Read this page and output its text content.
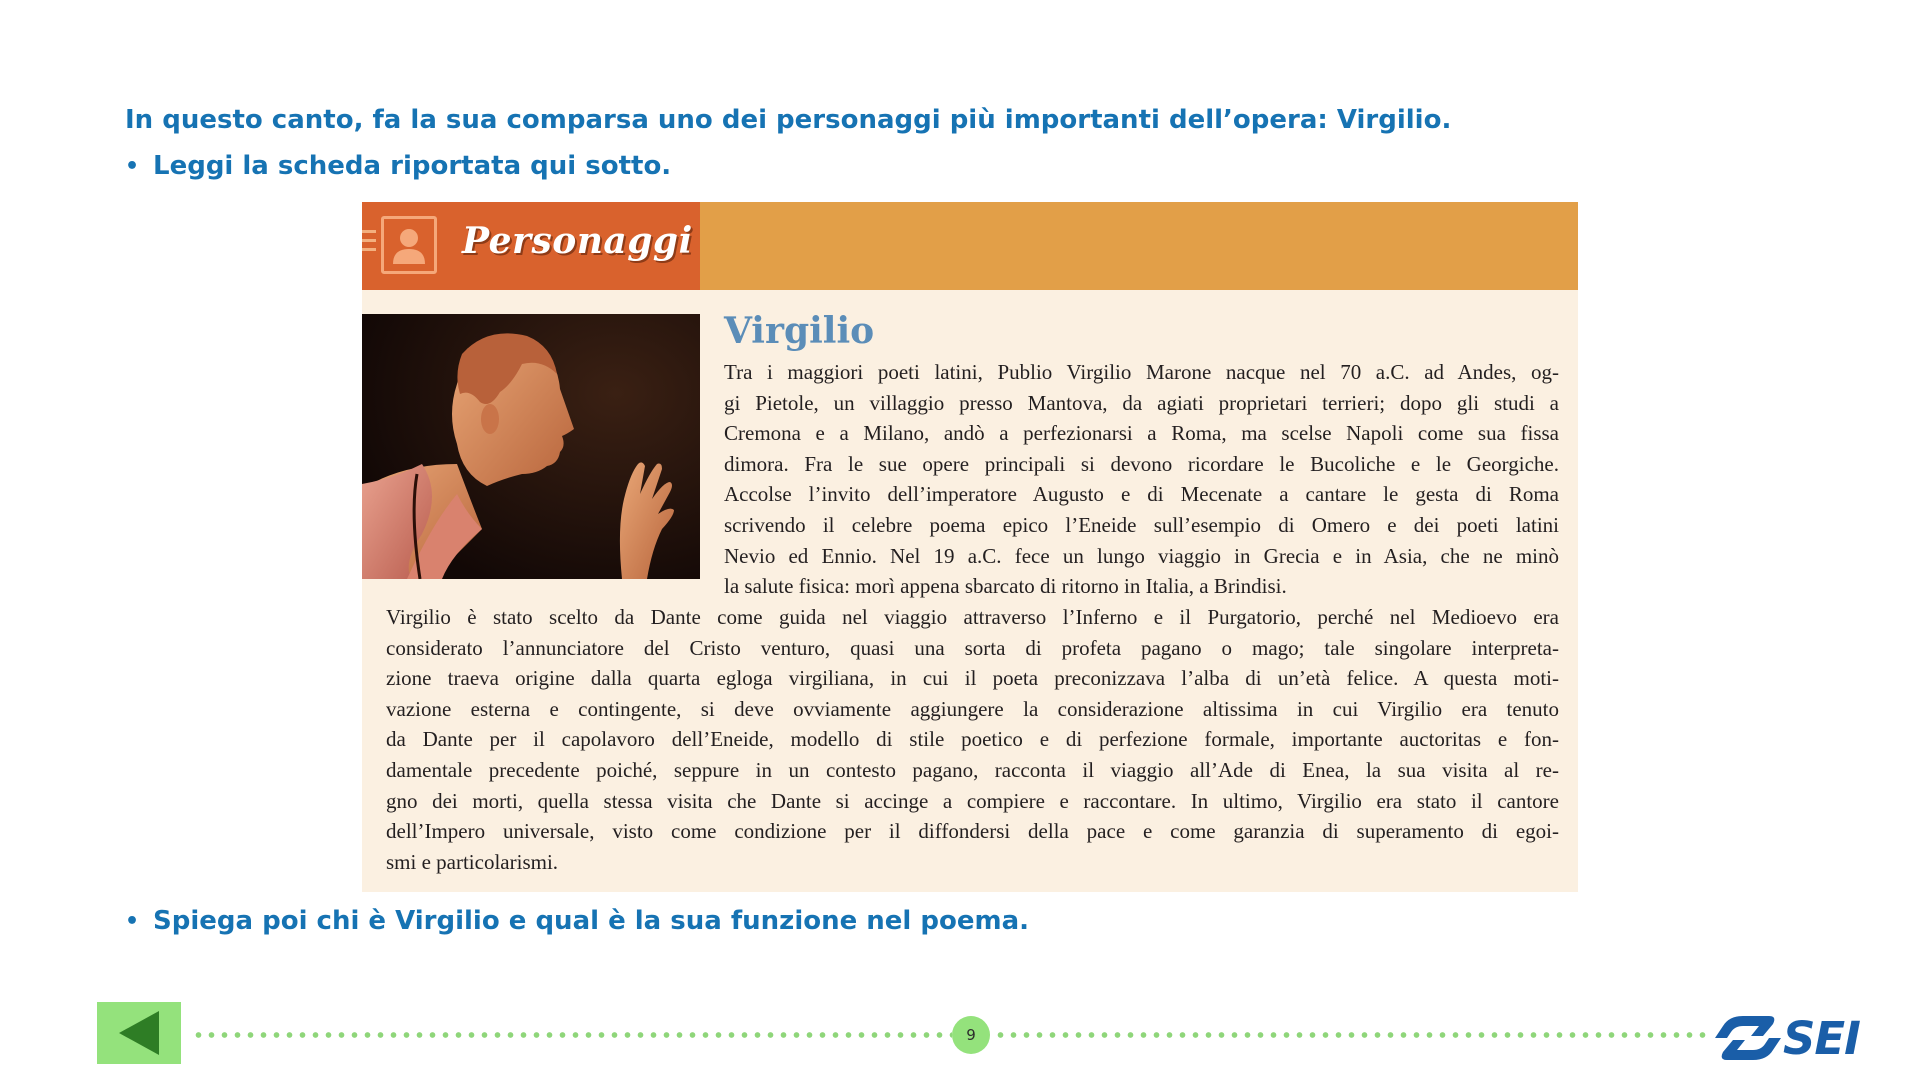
In questo canto, fa la sua comparsa uno dei personaggi più importanti dell’opera: Virgilio.
• Leggi la scheda riportata qui sotto.
Personaggi
Virgilio
Tra i maggiori poeti latini, Publio Virgilio Marone nacque nel 70 a.C. ad Andes, og-
gi Pietole, un villaggio presso Mantova, da agiati proprietari terrieri; dopo gli studi a
Cremona e a Milano, andò a perfezionarsi a Roma, ma scelse Napoli come sua fissa
dimora. Fra le sue opere principali si devono ricordare le Bucoliche e le Georgiche.
Accolse l’invito dell’imperatore Augusto e di Mecenate a cantare le gesta di Roma
scrivendo il celebre poema epico l’Eneide sull’esempio di Omero e dei poeti latini
Nevio ed Ennio. Nel 19 a.C. fece un lungo viaggio in Grecia e in Asia, che ne minò
la salute fisica: morì appena sbarcato di ritorno in Italia, a Brindisi.
Virgilio è stato scelto da Dante come guida nel viaggio attraverso l’Inferno e il Purgatorio, perché nel Medioevo era
considerato l’annunciatore del Cristo venturo, quasi una sorta di profeta pagano o mago; tale singolare interpreta-
zione traeva origine dalla quarta egloga virgiliana, in cui il poeta preconizzava l’alba di un’età felice. A questa moti-
vazione esterna e contingente, si deve ovviamente aggiungere la considerazione altissima in cui Virgilio era tenuto
da Dante per il capolavoro dell’Eneide, modello di stile poetico e di perfezione formale, importante auctoritas e fon-
damentale precedente poiché, seppure in un contesto pagano, racconta il viaggio all’Ade di Enea, la sua visita al re-
gno dei morti, quella stessa visita che Dante si accinge a compiere e raccontare. In ultimo, Virgilio era stato il cantore
dell’Impero universale, visto come condizione per il diffondersi della pace e come garanzia di superamento di egoi-
smi e particolarismi.
• Spiega poi chi è Virgilio e qual è la sua funzione nel poema.
9	SEI
